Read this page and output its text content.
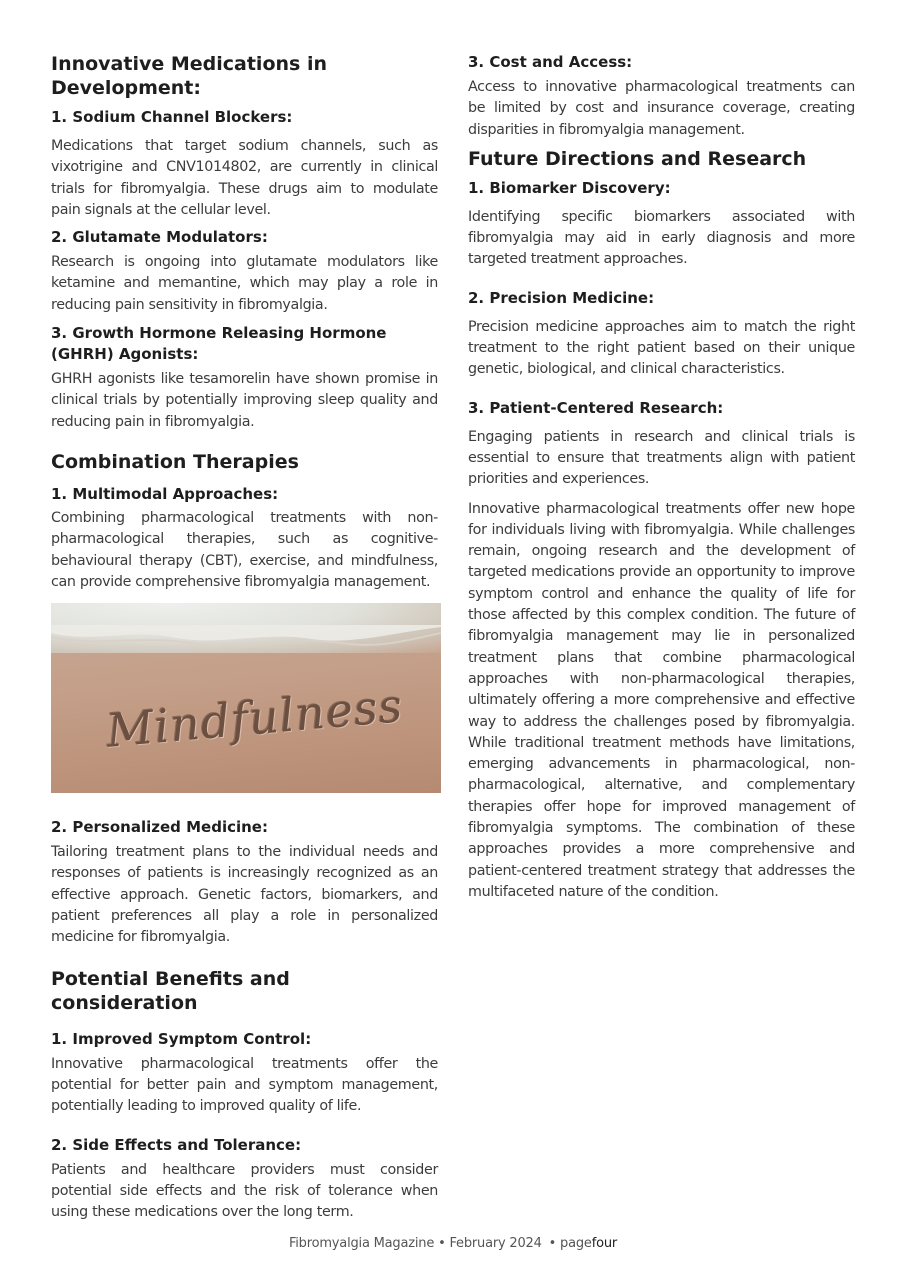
Innovative Medications in Development:
1. Sodium Channel Blockers:

Medications that target sodium channels, such as vixotrigine and CNV1014802, are currently in clinical trials for fibromyalgia. These drugs aim to modulate pain signals at the cellular level.

2. Glutamate Modulators:

Research is ongoing into glutamate modulators like ketamine and memantine, which may play a role in reducing pain sensitivity in fibromyalgia.

3. Growth Hormone Releasing Hormone (GHRH) Agonists:

GHRH agonists like tesamorelin have shown promise in clinical trials by potentially improving sleep quality and reducing pain in fibromyalgia.

Combination Therapies
1. Multimodal Approaches:

Combining pharmacological treatments with non-pharmacological therapies, such as cognitive-behavioural therapy (CBT), exercise, and mindfulness, can provide comprehensive fibromyalgia management.

Mindfulness
2. Personalized Medicine:

Tailoring treatment plans to the individual needs and responses of patients is increasingly recognized as an effective approach. Genetic factors, biomarkers, and patient preferences all play a role in personalized medicine for fibromyalgia.

Potential Benefits and consideration
1. Improved Symptom Control:

Innovative pharmacological treatments offer the potential for better pain and symptom management, potentially leading to improved quality of life.

2. Side Effects and Tolerance:

Patients and healthcare providers must consider potential side effects and the risk of tolerance when using these medications over the long term.

3. Cost and Access:

Access to innovative pharmacological treatments can be limited by cost and insurance coverage, creating disparities in fibromyalgia management.

Future Directions and Research
1. Biomarker Discovery:

Identifying specific biomarkers associated with fibromyalgia may aid in early diagnosis and more targeted treatment approaches.

2. Precision Medicine:

Precision medicine approaches aim to match the right treatment to the right patient based on their unique genetic, biological, and clinical characteristics.

3. Patient-Centered Research:

Engaging patients in research and clinical trials is essential to ensure that treatments align with patient priorities and experiences.

Innovative pharmacological treatments offer new hope for individuals living with fibromyalgia. While challenges remain, ongoing research and the development of targeted medications provide an opportunity to improve symptom control and enhance the quality of life for those affected by this complex condition. The future of fibromyalgia management may lie in personalized treatment plans that combine pharmacological approaches with non-pharmacological therapies, ultimately offering a more comprehensive and effective way to address the challenges posed by fibromyalgia. While traditional treatment methods have limitations, emerging advancements in pharmacological, non-pharmacological, alternative, and complementary therapies offer hope for improved management of fibromyalgia symptoms. The combination of these approaches provides a more comprehensive and patient-centered treatment strategy that addresses the multifaceted nature of the condition.

Fibromyalgia Magazine • February 2024 • pagefour
